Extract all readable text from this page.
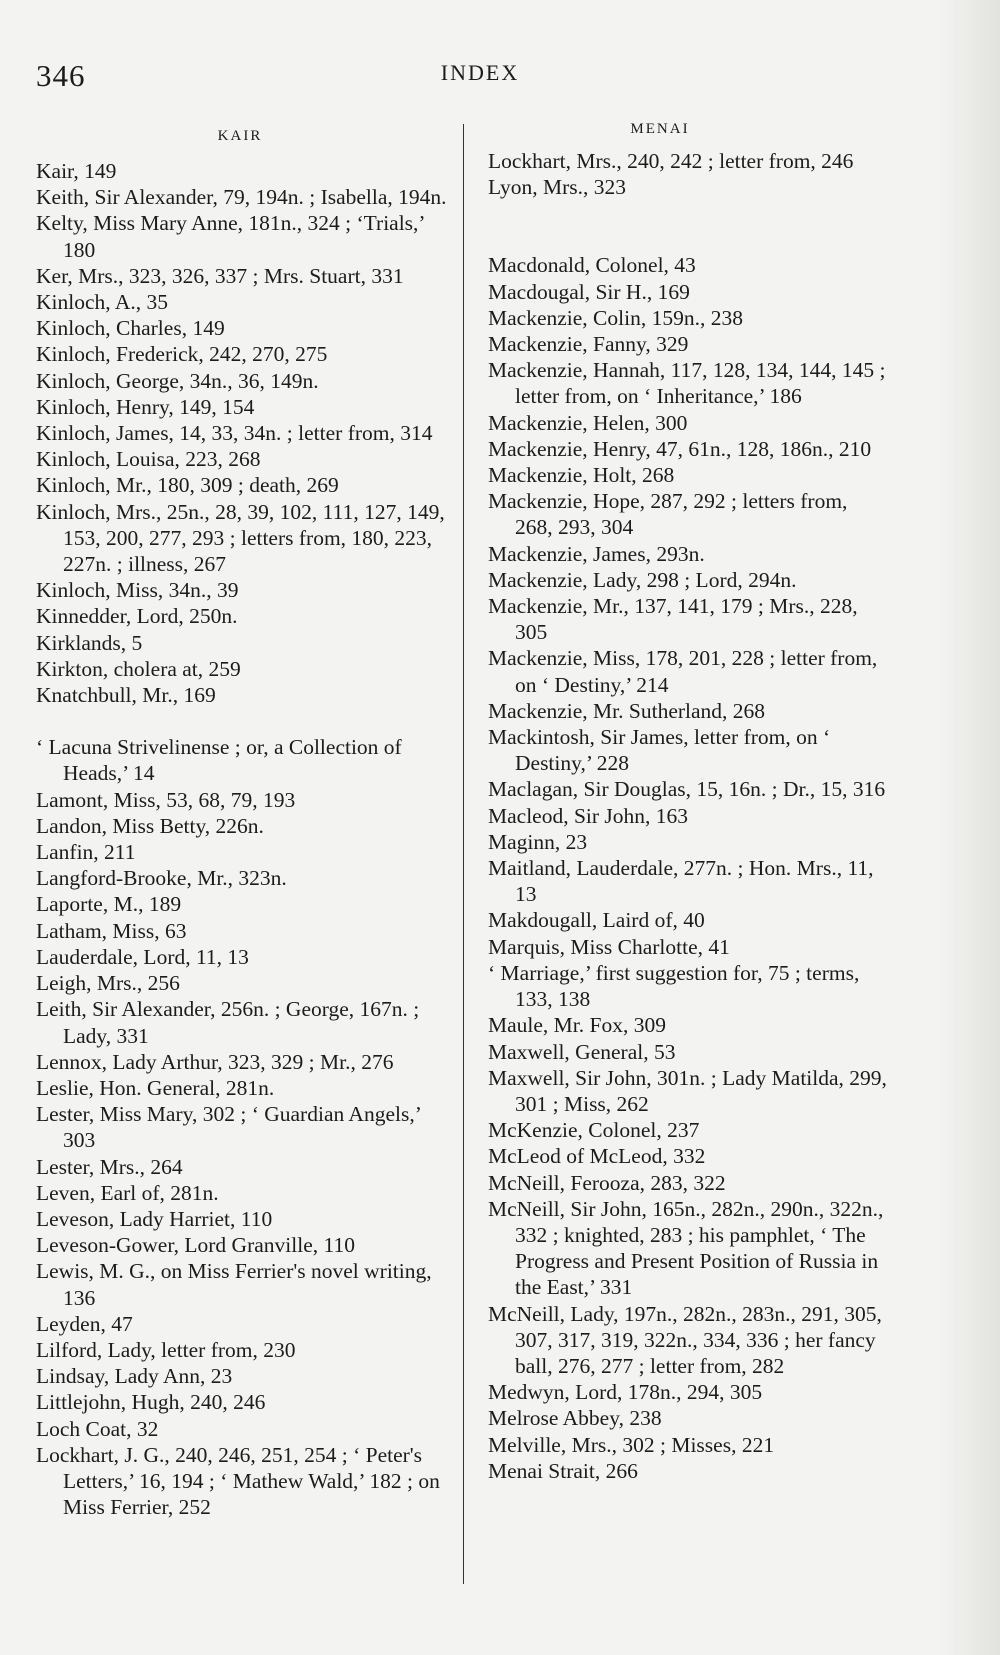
346	INDEX
KAIR	MENAI
Kair, 149
Keith, Sir Alexander, 79, 194n. ; Isabella, 194n.
Kelty, Miss Mary Anne, 181n., 324 ; ‘Trials,’ 180
Ker, Mrs., 323, 326, 337 ; Mrs. Stuart, 331
Kinloch, A., 35
Kinloch, Charles, 149
Kinloch, Frederick, 242, 270, 275
Kinloch, George, 34n., 36, 149n.
Kinloch, Henry, 149, 154
Kinloch, James, 14, 33, 34n. ; letter from, 314
Kinloch, Louisa, 223, 268
Kinloch, Mr., 180, 309 ; death, 269
Kinloch, Mrs., 25n., 28, 39, 102, 111, 127, 149, 153, 200, 277, 293 ; letters from, 180, 223, 227n. ; illness, 267
Kinloch, Miss, 34n., 39
Kinnedder, Lord, 250n.
Kirklands, 5
Kirkton, cholera at, 259
Knatchbull, Mr., 169
‘ Lacuna Strivelinense ; or, a Collection of Heads,’ 14
Lamont, Miss, 53, 68, 79, 193
Landon, Miss Betty, 226n.
Lanfin, 211
Langford-Brooke, Mr., 323n.
Laporte, M., 189
Latham, Miss, 63
Lauderdale, Lord, 11, 13
Leigh, Mrs., 256
Leith, Sir Alexander, 256n. ; George, 167n. ; Lady, 331
Lennox, Lady Arthur, 323, 329 ; Mr., 276
Leslie, Hon. General, 281n.
Lester, Miss Mary, 302 ; ‘ Guardian Angels,’ 303
Lester, Mrs., 264
Leven, Earl of, 281n.
Leveson, Lady Harriet, 110
Leveson-Gower, Lord Granville, 110
Lewis, M. G., on Miss Ferrier's novel writing, 136
Leyden, 47
Lilford, Lady, letter from, 230
Lindsay, Lady Ann, 23
Littlejohn, Hugh, 240, 246
Loch Coat, 32
Lockhart, J. G., 240, 246, 251, 254 ; ‘ Peter's Letters,’ 16, 194 ; ‘ Mathew Wald,’ 182 ; on Miss Ferrier, 252
Lockhart, Mrs., 240, 242 ; letter from, 246
Lyon, Mrs., 323
Macdonald, Colonel, 43
Macdougal, Sir H., 169
Mackenzie, Colin, 159n., 238
Mackenzie, Fanny, 329
Mackenzie, Hannah, 117, 128, 134, 144, 145 ; letter from, on ‘ Inheritance,’ 186
Mackenzie, Helen, 300
Mackenzie, Henry, 47, 61n., 128, 186n., 210
Mackenzie, Holt, 268
Mackenzie, Hope, 287, 292 ; letters from, 268, 293, 304
Mackenzie, James, 293n.
Mackenzie, Lady, 298 ; Lord, 294n.
Mackenzie, Mr., 137, 141, 179 ; Mrs., 228, 305
Mackenzie, Miss, 178, 201, 228 ; letter from, on ‘ Destiny,’ 214
Mackenzie, Mr. Sutherland, 268
Mackintosh, Sir James, letter from, on ‘ Destiny,’ 228
Maclagan, Sir Douglas, 15, 16n. ; Dr., 15, 316
Macleod, Sir John, 163
Maginn, 23
Maitland, Lauderdale, 277n. ; Hon. Mrs., 11, 13
Makdougall, Laird of, 40
Marquis, Miss Charlotte, 41
‘ Marriage,’ first suggestion for, 75 ; terms, 133, 138
Maule, Mr. Fox, 309
Maxwell, General, 53
Maxwell, Sir John, 301n. ; Lady Matilda, 299, 301 ; Miss, 262
McKenzie, Colonel, 237
McLeod of McLeod, 332
McNeill, Ferooza, 283, 322
McNeill, Sir John, 165n., 282n., 290n., 322n., 332 ; knighted, 283 ; his pamphlet, ‘ The Progress and Present Position of Russia in the East,’ 331
McNeill, Lady, 197n., 282n., 283n., 291, 305, 307, 317, 319, 322n., 334, 336 ; her fancy ball, 276, 277 ; letter from, 282
Medwyn, Lord, 178n., 294, 305
Melrose Abbey, 238
Melville, Mrs., 302 ; Misses, 221
Menai Strait, 266
